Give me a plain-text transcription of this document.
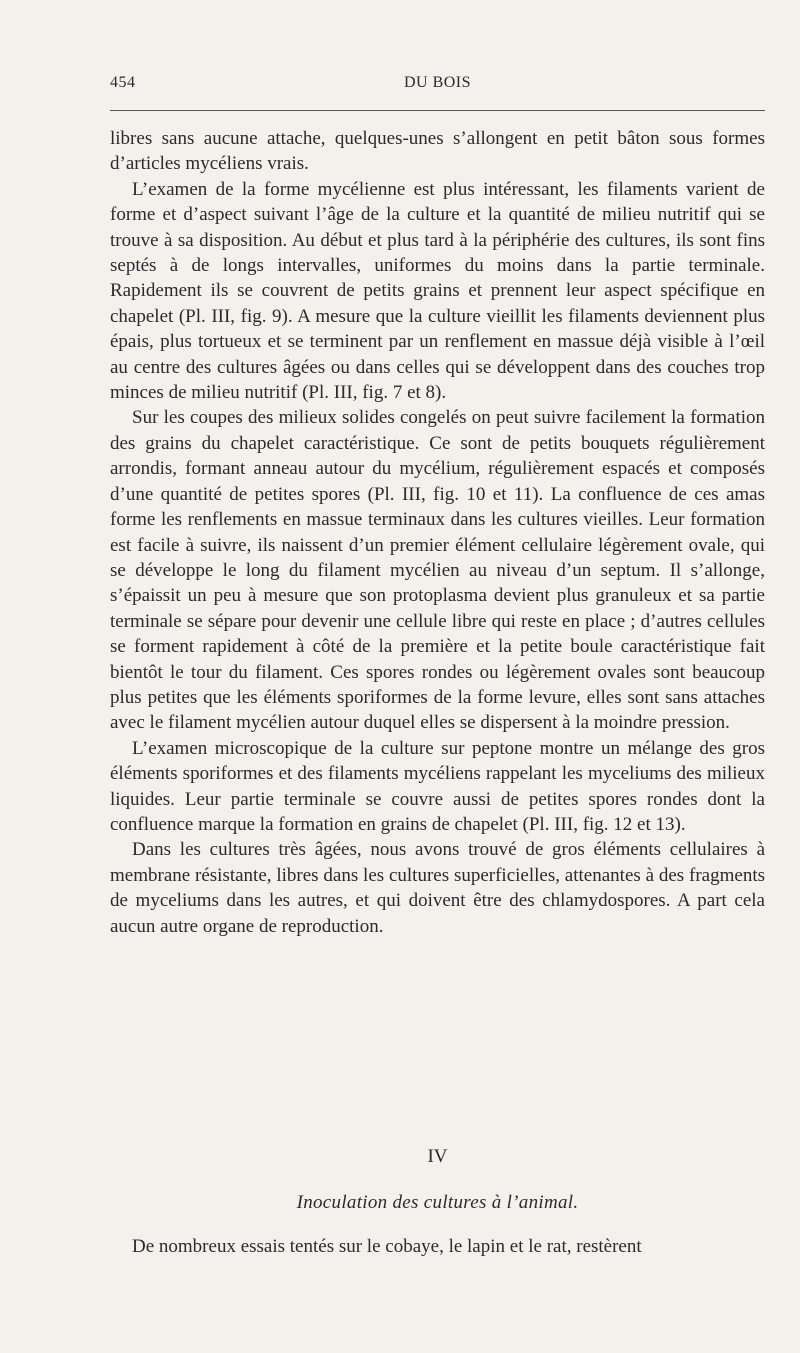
454	DU BOIS

libres sans aucune attache, quelques-unes s’allongent en petit bâton sous formes d’articles mycéliens vrais.

L’examen de la forme mycélienne est plus intéressant, les filaments varient de forme et d’aspect suivant l’âge de la culture et la quantité de milieu nutritif qui se trouve à sa disposition. Au début et plus tard à la périphérie des cultures, ils sont fins septés à de longs intervalles, uniformes du moins dans la partie terminale. Rapidement ils se couvrent de petits grains et prennent leur aspect spécifique en chapelet (Pl. III, fig. 9). A mesure que la culture vieillit les filaments deviennent plus épais, plus tortueux et se terminent par un renflement en massue déjà visible à l’œil au centre des cultures âgées ou dans celles qui se développent dans des couches trop minces de milieu nutritif (Pl. III, fig. 7 et 8).

Sur les coupes des milieux solides congelés on peut suivre facilement la formation des grains du chapelet caractéristique. Ce sont de petits bouquets régulièrement arrondis, formant anneau autour du mycélium, régulièrement espacés et composés d’une quantité de petites spores (Pl. III, fig. 10 et 11). La confluence de ces amas forme les renflements en massue terminaux dans les cultures vieilles. Leur formation est facile à suivre, ils naissent d’un premier élément cellulaire légèrement ovale, qui se développe le long du filament mycélien au niveau d’un septum. Il s’allonge, s’épaissit un peu à mesure que son protoplasma devient plus granuleux et sa partie terminale se sépare pour devenir une cellule libre qui reste en place ; d’autres cellules se forment rapidement à côté de la première et la petite boule caractéristique fait bientôt le tour du filament. Ces spores rondes ou légèrement ovales sont beaucoup plus petites que les éléments sporiformes de la forme levure, elles sont sans attaches avec le filament mycélien autour duquel elles se dispersent à la moindre pression.

L’examen microscopique de la culture sur peptone montre un mélange des gros éléments sporiformes et des filaments mycéliens rappelant les myceliums des milieux liquides. Leur partie terminale se couvre aussi de petites spores rondes dont la confluence marque la formation en grains de chapelet (Pl. III, fig. 12 et 13).

Dans les cultures très âgées, nous avons trouvé de gros éléments cellulaires à membrane résistante, libres dans les cultures superficielles, attenantes à des fragments de myceliums dans les autres, et qui doivent être des chlamydospores. A part cela aucun autre organe de reproduction.

IV
Inoculation des cultures à l’animal.
De nombreux essais tentés sur le cobaye, le lapin et le rat, restèrent
